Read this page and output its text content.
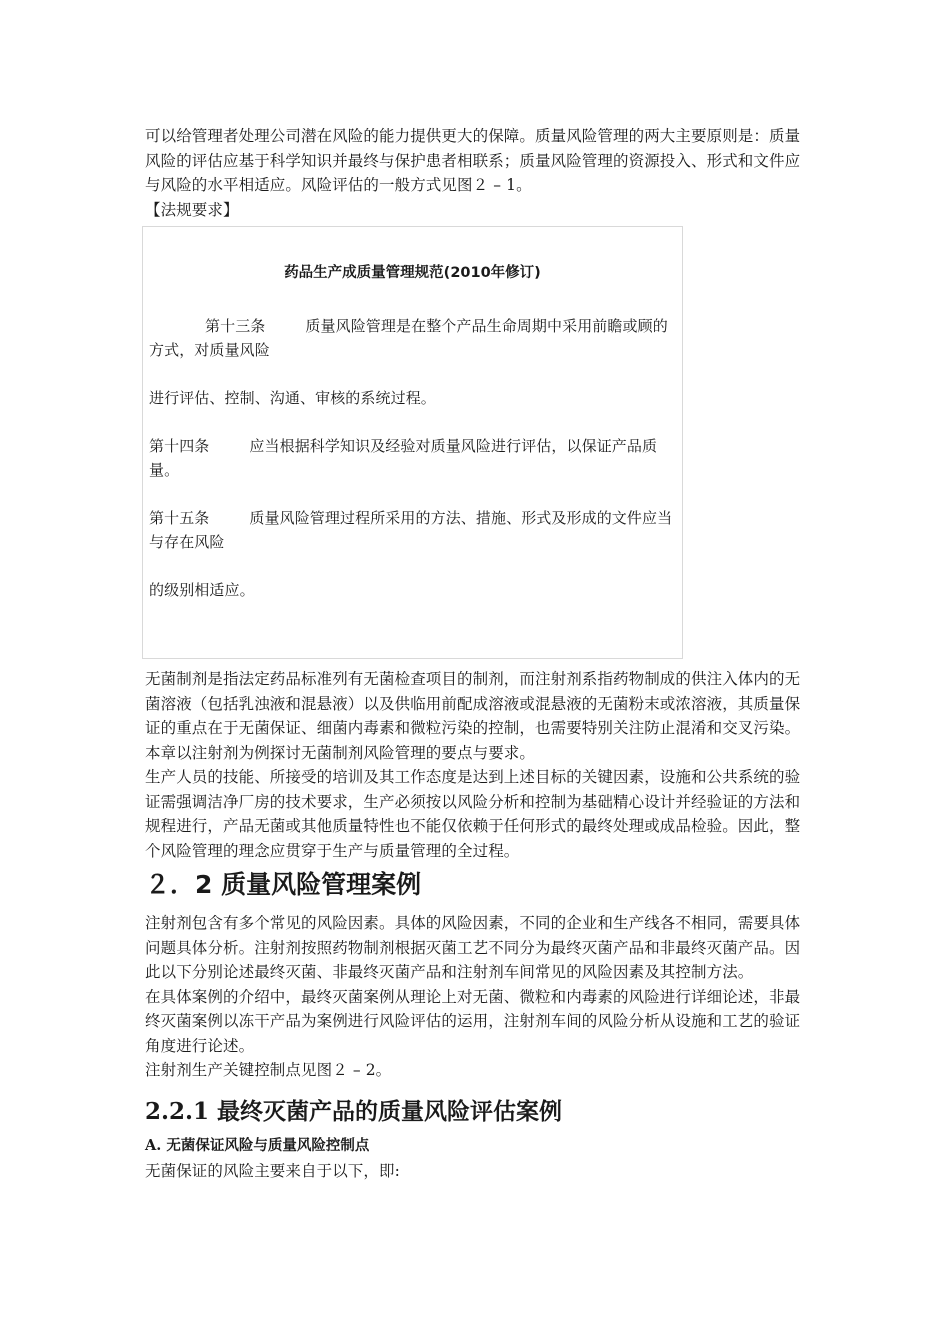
可以给管理者处理公司潜在风险的能力提供更大的保障。质量风险管理的两大主要原则是：质量风险的评估应基于科学知识并最终与保护患者相联系；质量风险管理的资源投入、形式和文件应与风险的水平相适应。风险评估的一般方式见图２ – 1。

【法规要求】

药品生产成质量管理规范(2010年修订)

第十三条	质量风险管理是在整个产品生命周期中采用前瞻或顾的方式，对质量风险

进行评估、控制、沟通、审核的系统过程。

第十四条	应当根据科学知识及经验对质量风险进行评估，以保证产品质量。

第十五条	质量风险管理过程所采用的方法、措施、形式及形成的文件应当与存在风险

的级别相适应。

无菌制剂是指法定药品标准列有无菌检查项目的制剂，而注射剂系指药物制成的供注入体内的无菌溶液（包括乳浊液和混悬液）以及供临用前配成溶液或混悬液的无菌粉末或浓溶液，其质量保证的重点在于无菌保证、细菌内毒素和微粒污染的控制，也需要特别关注防止混淆和交叉污染。本章以注射剂为例探讨无菌制剂风险管理的要点与要求。

生产人员的技能、所接受的培训及其工作态度是达到上述目标的关键因素，设施和公共系统的验证需强调洁净厂房的技术要求，生产必须按以风险分析和控制为基础精心设计并经验证的方法和规程进行，产品无菌或其他质量特性也不能仅依赖于任何形式的最终处理或成品检验。因此，整个风险管理的理念应贯穿于生产与质量管理的全过程。

２．2 质量风险管理案例

注射剂包含有多个常见的风险因素。具体的风险因素，不同的企业和生产线各不相同，需要具体问题具体分析。注射剂按照药物制剂根据灭菌工艺不同分为最终灭菌产品和非最终灭菌产品。因此以下分别论述最终灭菌、非最终灭菌产品和注射剂车间常见的风险因素及其控制方法。

在具体案例的介绍中，最终灭菌案例从理论上对无菌、微粒和内毒素的风险进行详细论述，非最终灭菌案例以冻干产品为案例进行风险评估的运用，注射剂车间的风险分析从设施和工艺的验证角度进行论述。

注射剂生产关键控制点见图２ – 2。

2.2.1 最终灭菌产品的质量风险评估案例
A. 无菌保证风险与质量风险控制点

无菌保证的风险主要来自于以下，即:
